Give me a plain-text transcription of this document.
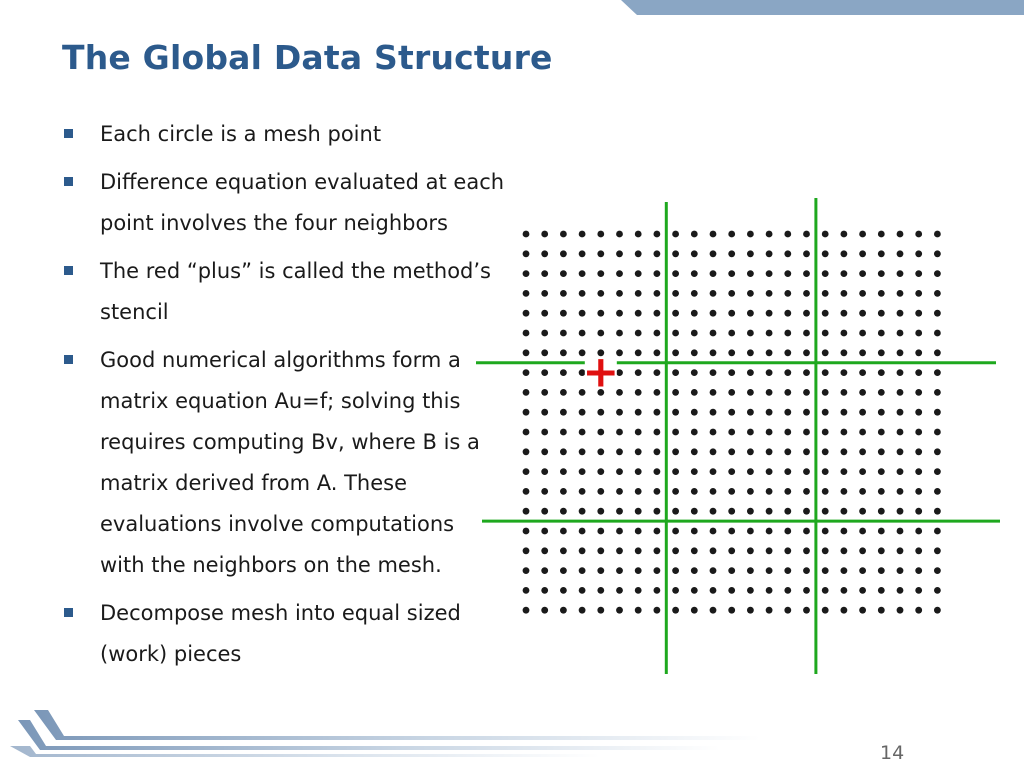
The Global Data Structure
Each circle is a mesh point
Difference equation evaluated at each point involves the four neighbors
The red “plus” is called the method’s stencil
Good numerical algorithms form a matrix equation Au=f; solving this requires computing Bv, where B is a matrix derived from A. These evaluations involve computations with the neighbors on the mesh.
Decompose mesh into equal sized (work) pieces
+
14
